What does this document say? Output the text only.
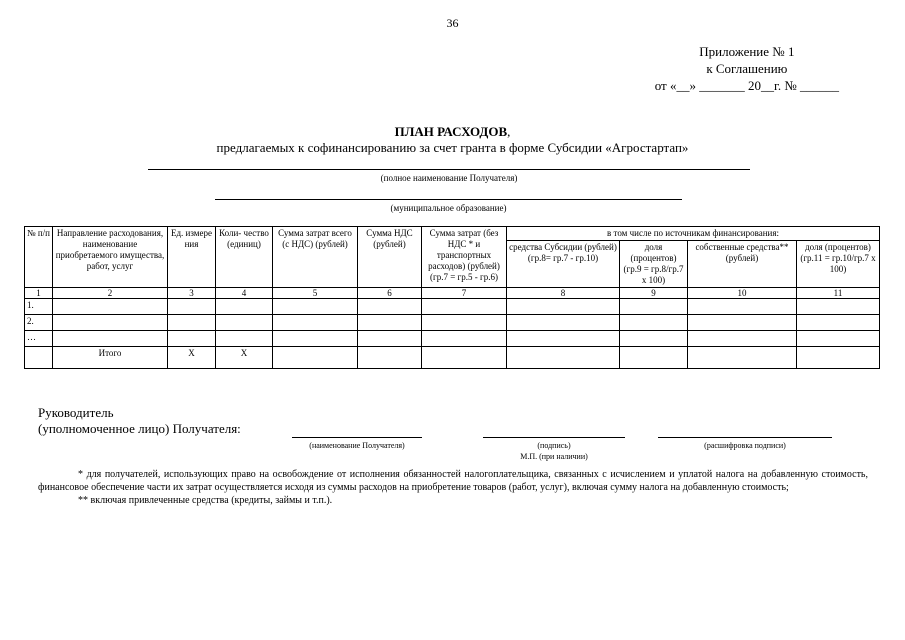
36
Приложение № 1
к Соглашению
от «__» _______ 20__г. № ______
ПЛАН РАСХОДОВ,
предлагаемых к софинансированию за счет гранта в форме Субсидии «Агростартап»
(полное наименование Получателя)
(муниципальное образование)
№ п/п	Направление расходования, наименование приобретаемого имущества, работ, услуг	Ед. измере ния	Коли- чество (единиц)	Сумма затрат всего (с НДС) (рублей)	Сумма НДС (рублей)	Сумма затрат (без НДС * и транспортных расходов) (рублей) (гр.7 = гр.5 - гр.6)	в том числе по источникам финансирования:			
							средства Субсидии (рублей) (гр.8= гр.7 - гр.10)	доля (процентов) (гр.9 = гр.8/гр.7 х 100)	собственные средства** (рублей)	доля (процентов) (гр.11 = гр.10/гр.7 х 100)
1	2	3	4	5	6	7	8	9	10	11
1.										
2.										
…										
	Итого	Х	Х							
Руководитель
(уполномоченное лицо) Получателя:
(наименование Получателя)	(подпись)
М.П. (при наличии)
(расшифровка подписи)

* для получателей, использующих право на освобождение от исполнения обязанностей налогоплательщика, связанных с исчислением и уплатой налога на добавленную стоимость, финансовое обеспечение части их затрат осуществляется исходя из суммы расходов на приобретение товаров (работ, услуг), включая сумму налога на добавленную стоимость;

** включая привлеченные средства (кредиты, займы и т.п.).
